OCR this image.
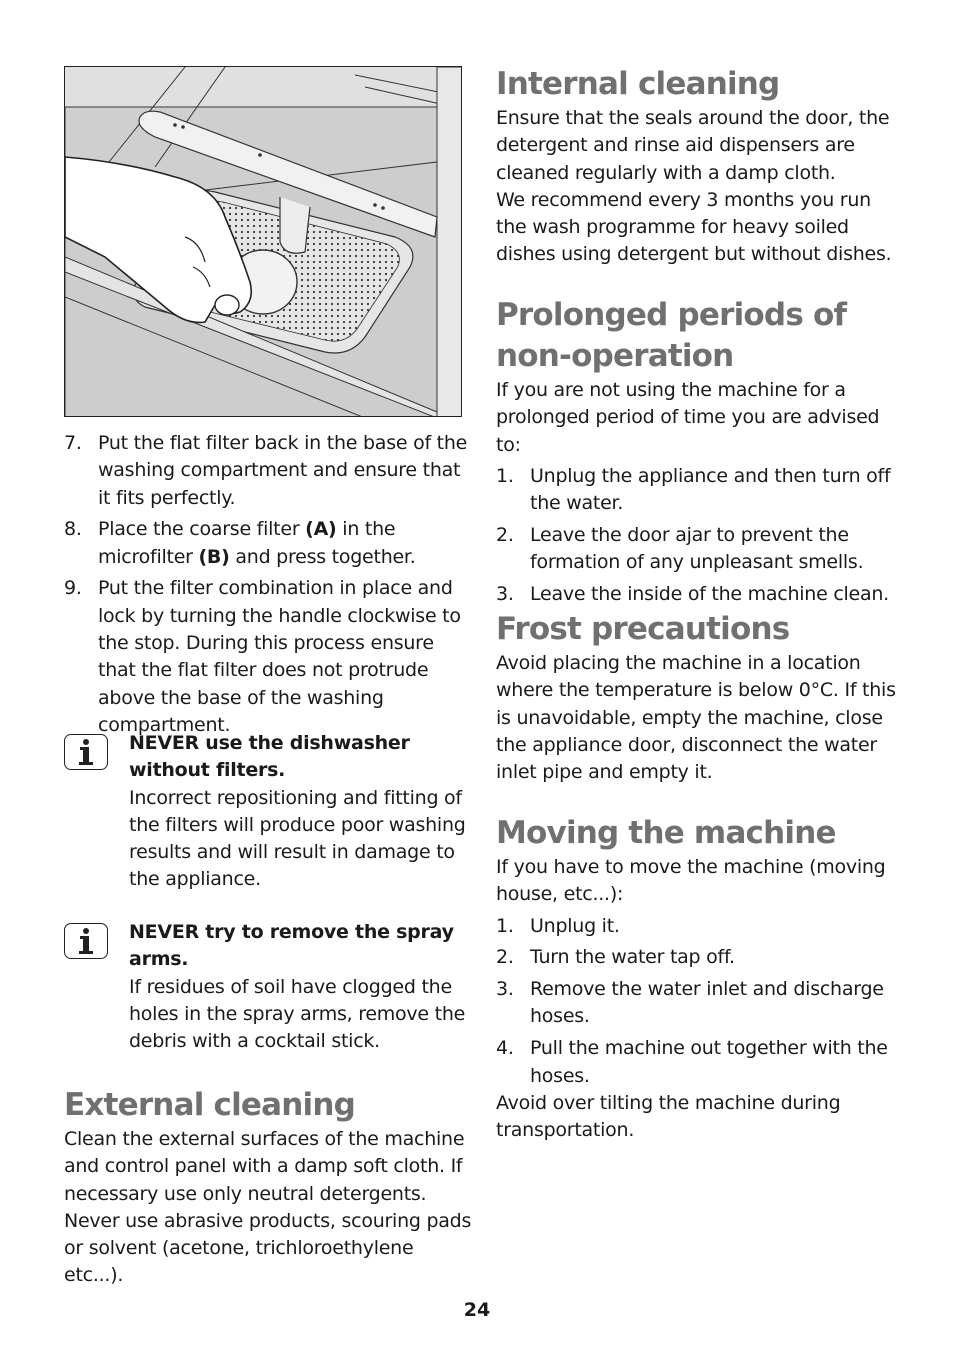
7. Put the flat filter back in the base of the washing compartment and ensure that it fits perfectly.
8. Place the coarse filter (A) in the microfilter (B) and press together.
9. Put the filter combination in place and lock by turning the handle clockwise to the stop. During this process ensure that the flat filter does not protrude above the base of the washing compartment.

NEVER use the dishwasher without filters.

Incorrect repositioning and fitting of the filters will produce poor washing results and will result in damage to the appliance.

NEVER try to remove the spray arms.

If residues of soil have clogged the holes in the spray arms, remove the debris with a cocktail stick.

External cleaning

Clean the external surfaces of the machine and control panel with a damp soft cloth. If necessary use only neutral detergents. Never use abrasive products, scouring pads or solvent (acetone, trichloroethylene etc...).

Internal cleaning

Ensure that the seals around the door, the detergent and rinse aid dispensers are cleaned regularly with a damp cloth.

We recommend every 3 months you run the wash programme for heavy soiled dishes using detergent but without dishes.

Prolonged periods of non-operation

If you are not using the machine for a prolonged period of time you are advised to:

1. Unplug the appliance and then turn off the water.
2. Leave the door ajar to prevent the formation of any unpleasant smells.
3. Leave the inside of the machine clean.
Frost precautions

Avoid placing the machine in a location where the temperature is below 0°C. If this is unavoidable, empty the machine, close the appliance door, disconnect the water inlet pipe and empty it.

Moving the machine

If you have to move the machine (moving house, etc...):

1. Unplug it.
2. Turn the water tap off.
3. Remove the water inlet and discharge hoses.
4. Pull the machine out together with the hoses.

Avoid over tilting the machine during transportation.

24
